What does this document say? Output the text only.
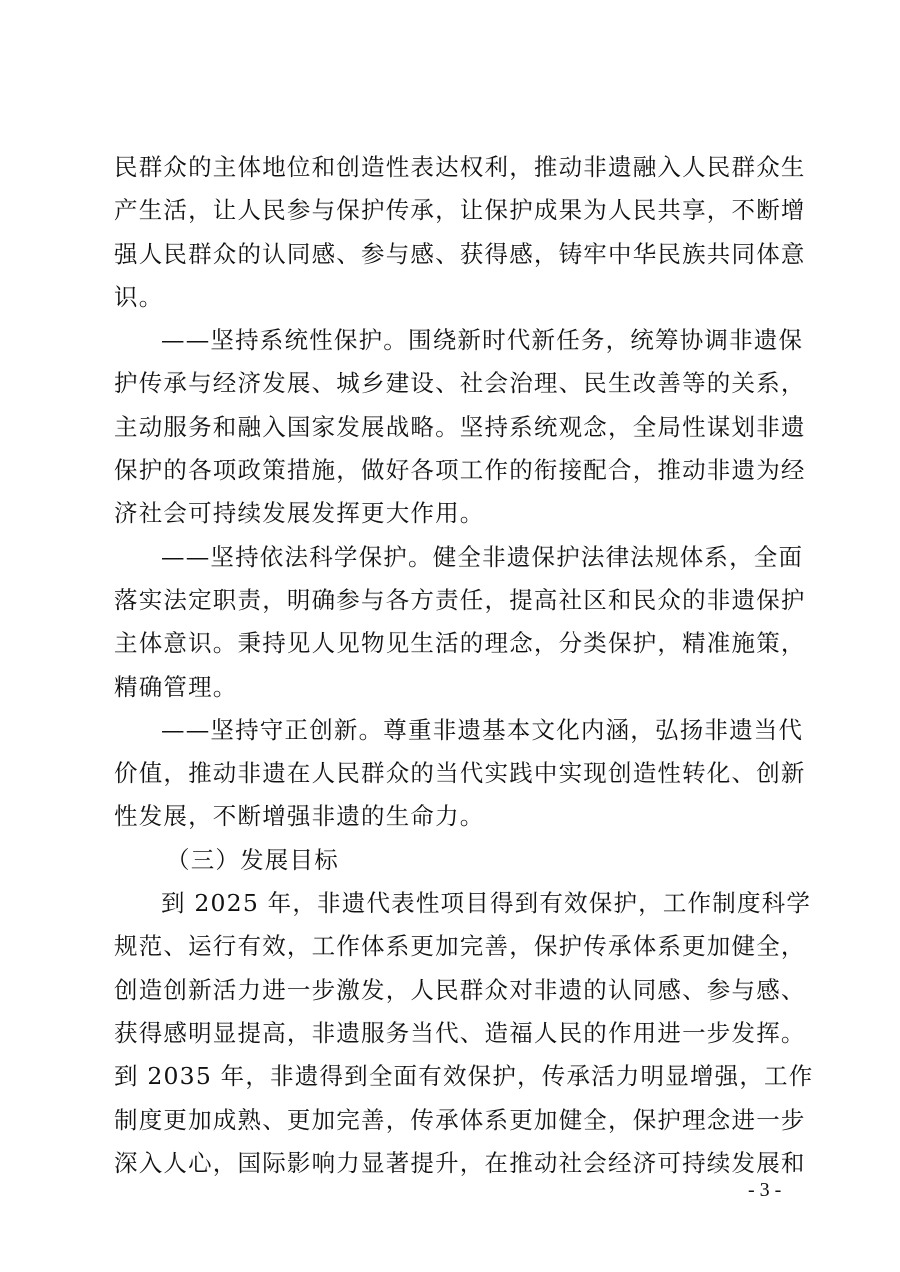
民群众的主体地位和创造性表达权利，推动非遗融入人民群众生
产生活，让人民参与保护传承，让保护成果为人民共享，不断增
强人民群众的认同感、参与感、获得感，铸牢中华民族共同体意
识。
——坚持系统性保护。围绕新时代新任务，统筹协调非遗保
护传承与经济发展、城乡建设、社会治理、民生改善等的关系，
主动服务和融入国家发展战略。坚持系统观念，全局性谋划非遗
保护的各项政策措施，做好各项工作的衔接配合，推动非遗为经
济社会可持续发展发挥更大作用。
——坚持依法科学保护。健全非遗保护法律法规体系，全面
落实法定职责，明确参与各方责任，提高社区和民众的非遗保护
主体意识。秉持见人见物见生活的理念，分类保护，精准施策，
精确管理。
——坚持守正创新。尊重非遗基本文化内涵，弘扬非遗当代
价值，推动非遗在人民群众的当代实践中实现创造性转化、创新
性发展，不断增强非遗的生命力。
（三）发展目标
到 2025 年，非遗代表性项目得到有效保护，工作制度科学
规范、运行有效，工作体系更加完善，保护传承体系更加健全，
创造创新活力进一步激发，人民群众对非遗的认同感、参与感、
获得感明显提高，非遗服务当代、造福人民的作用进一步发挥。
到 2035 年，非遗得到全面有效保护，传承活力明显增强，工作
制度更加成熟、更加完善，传承体系更加健全，保护理念进一步
深入人心，国际影响力显著提升，在推动社会经济可持续发展和
- 3 -
